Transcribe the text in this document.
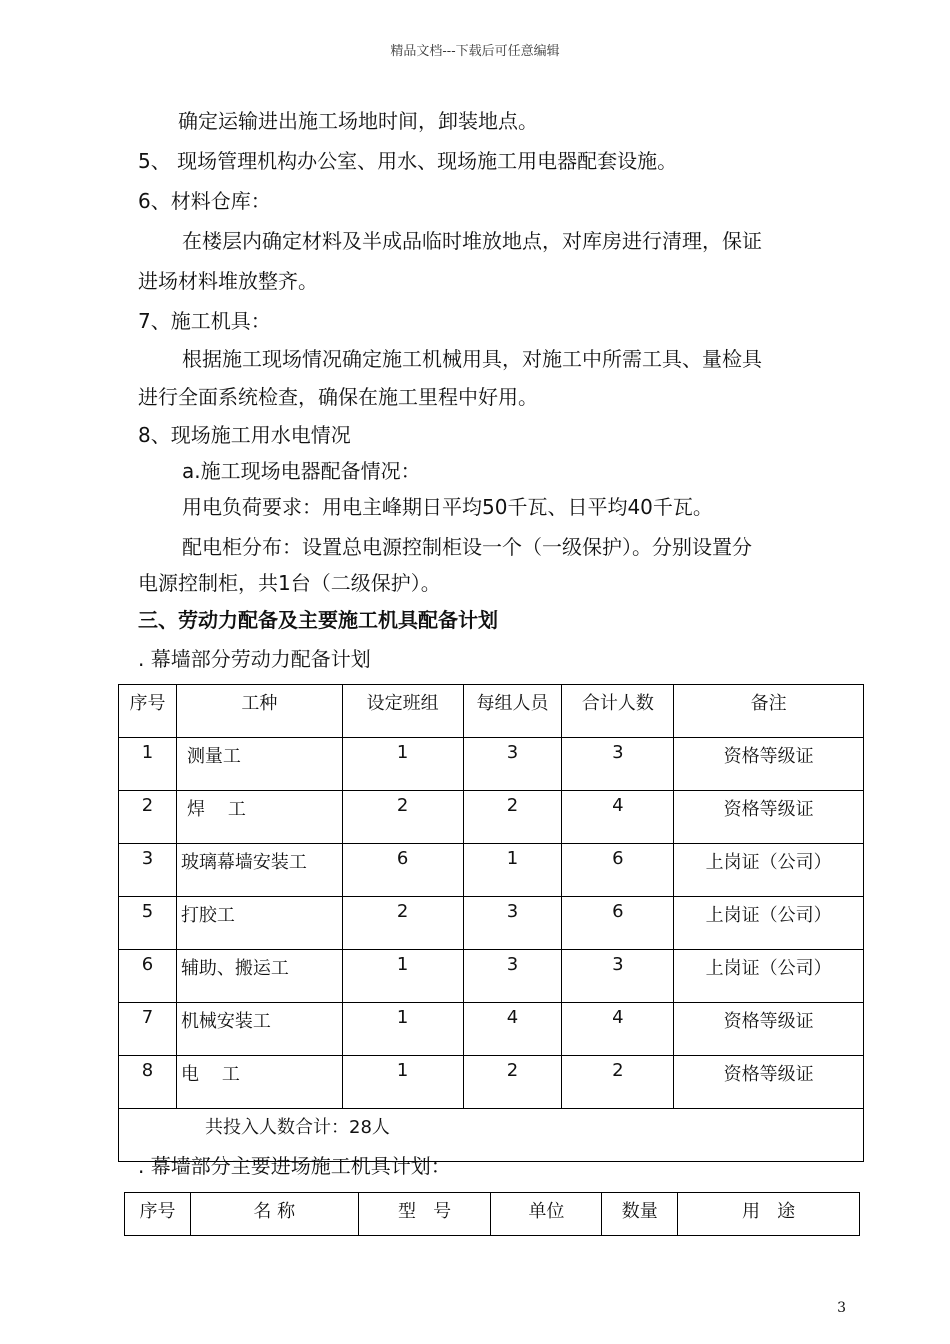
精品文档---下载后可任意编辑
确定运输进出施工场地时间，卸装地点。
5、 现场管理机构办公室、用水、现场施工用电器配套设施。
6、材料仓库：
在楼层内确定材料及半成品临时堆放地点，对库房进行清理，保证
进场材料堆放整齐。
7、施工机具：
根据施工现场情况确定施工机械用具，对施工中所需工具、量检具
进行全面系统检查，确保在施工里程中好用。
8、现场施工用水电情况
a.施工现场电器配备情况：
用电负荷要求：用电主峰期日平均50千瓦、日平均40千瓦。
配电柜分布：设置总电源控制柜设一个（一级保护）。分别设置分
电源控制柜，共1台（二级保护）。
三、劳动力配备及主要施工机具配备计划
. 幕墙部分劳动力配备计划
序号	工种	设定班组	每组人员	合计人数	备注
1	测量工	1	3	3	资格等级证
2	焊    工	2	2	4	资格等级证
3	玻璃幕墙安装工	6	1	6	上岗证（公司）
5	打胶工	2	3	6	上岗证（公司）
6	辅助、搬运工	1	3	3	上岗证（公司）
7	机械安装工	1	4	4	资格等级证
8	电    工	1	2	2	资格等级证
共投入人数合计：28人					
. 幕墙部分主要进场施工机具计划：
序号	名 称	型   号	单位	数量	用   途
3
